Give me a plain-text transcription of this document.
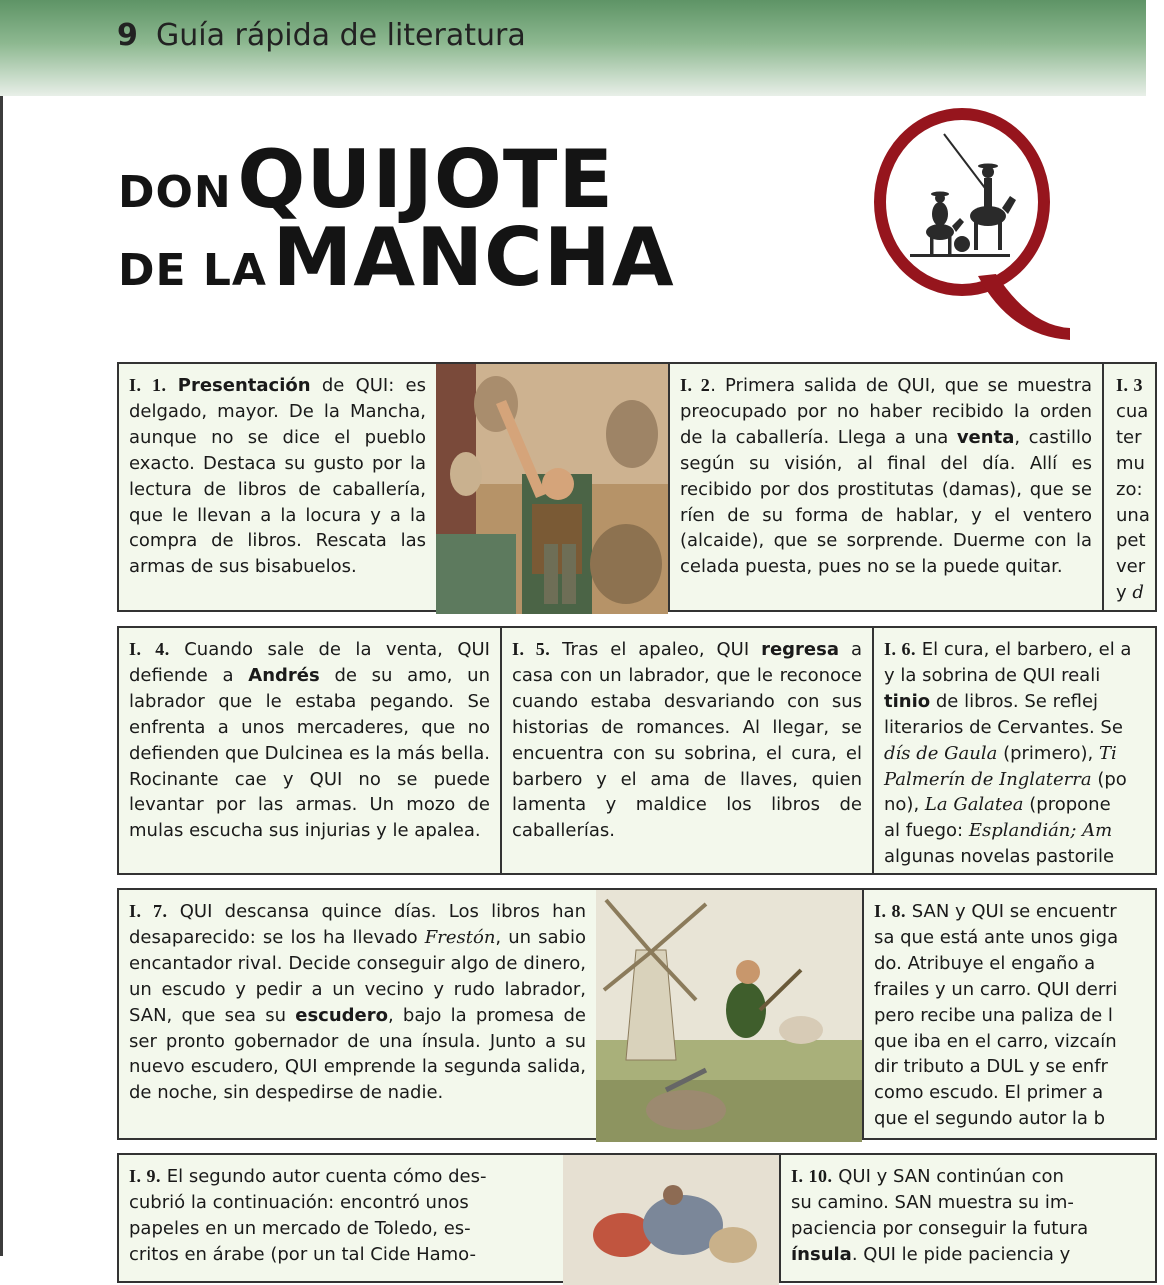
9 Guía rápida de literatura
DON QUIJOTE
DE LA MANCHA
I. 1. Presentación de QUI: es delgado, mayor. De la Mancha, aunque no se dice el pueblo exacto. Destaca su gusto por la lectura de libros de caballería, que le llevan a la locura y a la compra de libros. Rescata las armas de sus bisabuelos.
I. 2. Primera salida de QUI, que se muestra preocupado por no haber recibido la orden de la caballería. Llega a una venta, castillo según su visión, al final del día. Allí es recibido por dos prostitutas (damas), que se ríen de su forma de hablar, y el ventero (alcaide), que se sorprende. Duerme con la celada puesta, pues no se la puede quitar.
I. 3
cua
ter
mu
zo:
una
pet
ver
y d
I. 4. Cuando sale de la venta, QUI defiende a Andrés de su amo, un labrador que le estaba pegando. Se enfrenta a unos mercaderes, que no defienden que Dulcinea es la más bella. Rocinante cae y QUI no se puede levantar por las armas. Un mozo de mulas escucha sus injurias y le apalea.
I. 5. Tras el apaleo, QUI regresa a casa con un labrador, que le reconoce cuando estaba desvariando con sus historias de romances. Al llegar, se encuentra con su sobrina, el cura, el barbero y el ama de llaves, quien lamenta y maldice los libros de caballerías.
I. 6. El cura, el barbero, el a
y la sobrina de QUI reali
tinio de libros. Se reflej
literarios de Cervantes. Se
dís de Gaula (primero), Ti
Palmerín de Inglaterra (po
no), La Galatea (propone
al fuego: Esplandián; Am
algunas novelas pastorile
I. 7. QUI descansa quince días. Los libros han desaparecido: se los ha llevado Frestón, un sabio encantador rival. Decide conseguir algo de dinero, un escudo y pedir a un vecino y rudo labrador, SAN, que sea su escudero, bajo la promesa de ser pronto gobernador de una ínsula. Junto a su nuevo escudero, QUI emprende la segunda salida, de noche, sin despedirse de nadie.
I. 8. SAN y QUI se encuentr
sa que está ante unos giga
do. Atribuye el engaño a
frailes y un carro. QUI derri
pero recibe una paliza de l
que iba en el carro, vizcaín
dir tributo a DUL y se enfr
como escudo. El primer a
que el segundo autor la b
I. 9. El segundo autor cuenta cómo des-
cubrió la continuación: encontró unos
papeles en un mercado de Toledo, es-
critos en árabe (por un tal Cide Hamo-
I. 10. QUI y SAN continúan con
su camino. SAN muestra su im-
paciencia por conseguir la futura
ínsula. QUI le pide paciencia y
